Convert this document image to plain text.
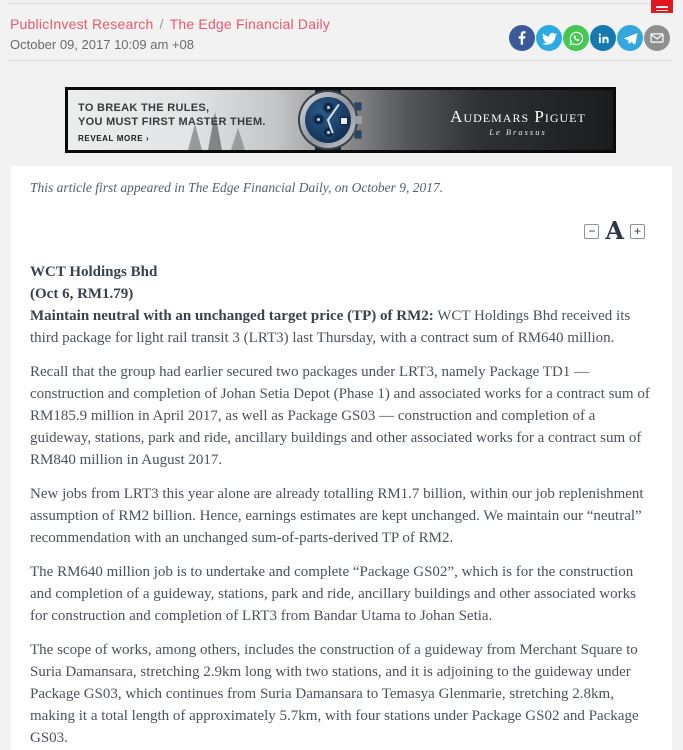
PublicInvest Research / The Edge Financial Daily
October 09, 2017 10:09 am +08
TO BREAK THE RULES,
YOU MUST FIRST MASTER THEM.
REVEAL MORE ›
Audemars Piguet
Le Brassus
This article first appeared in The Edge Financial Daily, on October 9, 2017.
− A +

WCT Holdings Bhd
(Oct 6, RM1.79)
Maintain neutral with an unchanged target price (TP) of RM2: WCT Holdings Bhd received its third package for light rail transit 3 (LRT3) last Thursday, with a contract sum of RM640 million.

Recall that the group had earlier secured two packages under LRT3, namely Package TD1 — construction and completion of Johan Setia Depot (Phase 1) and associated works for a contract sum of RM185.9 million in April 2017, as well as Package GS03 — construction and completion of a guideway, stations, park and ride, ancillary buildings and other associated works for a contract sum of RM840 million in August 2017.

New jobs from LRT3 this year alone are already totalling RM1.7 billion, within our job replenishment assumption of RM2 billion. Hence, earnings estimates are kept unchanged. We maintain our “neutral” recommendation with an unchanged sum-of-parts-derived TP of RM2.

The RM640 million job is to undertake and complete “Package GS02”, which is for the construction and completion of a guideway, stations, park and ride, ancillary buildings and other associated works for construction and completion of LRT3 from Bandar Utama to Johan Setia.

The scope of works, among others, includes the construction of a guideway from Merchant Square to Suria Damansara, stretching 2.9km long with two stations, and it is adjoining to the guideway under Package GS03, which continues from Suria Damansara to Temasya Glenmarie, stretching 2.8km, making it a total length of approximately 5.7km, with four stations under Package GS02 and Package GS03.
